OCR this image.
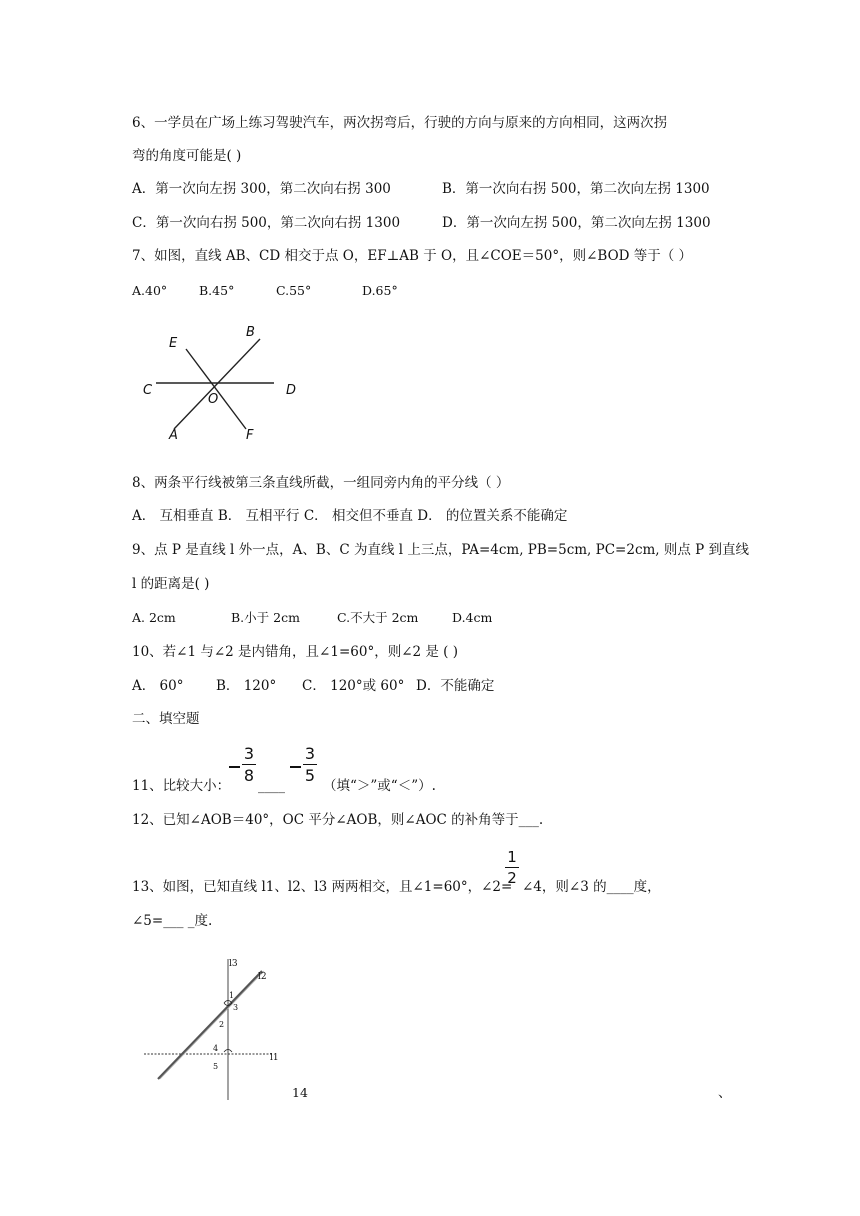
6、一学员在广场上练习驾驶汽车，两次拐弯后，行驶的方向与原来的方向相同，这两次拐
弯的角度可能是( )
A．第一次向左拐 300，第二次向右拐 300	B．第一次向右拐 500，第二次向左拐 1300
C．第一次向右拐 500，第二次向右拐 1300	D．第一次向左拐 500，第二次向左拐 1300
7、如图，直线 AB、CD 相交于点 O，EF⊥AB 于 O，且∠COE＝50°，则∠BOD 等于（ ）
A.40°	B.45°	C.55°	D.65°
E
B
C
O
D
A	F
8、两条平行线被第三条直线所截，一组同旁内角的平分线（ ）
A． 互相垂直 B． 互相平行 C． 相交但不垂直 D． 的位置关系不能确定
9、点 P 是直线 l 外一点，A、B、C 为直线 l 上三点，PA=4cm, PB=5cm, PC=2cm, 则点 P 到直线
l 的距离是( )
A. 2cm	B.小于 2cm	C.不大于 2cm	D.4cm
10、若∠1 与∠2 是内错角，且∠1=60°，则∠2 是 ( )
A． 60° B． 120° C． 120°或 60° D．不能确定
二、填空题
11、比较大小：
3
8
____
3
5
（填“＞”或“＜”）.
12、已知∠AOB＝40°，OC 平分∠AOB，则∠AOC 的补角等于___.
13、如图，已知直线 l1、l2、l3 两两相交，且∠1=60°，∠2=
1
2 ∠4，则∠3 的____度，
∠5=___ _度.
l3
l2
l1
1
2
3
4
5
14	、
